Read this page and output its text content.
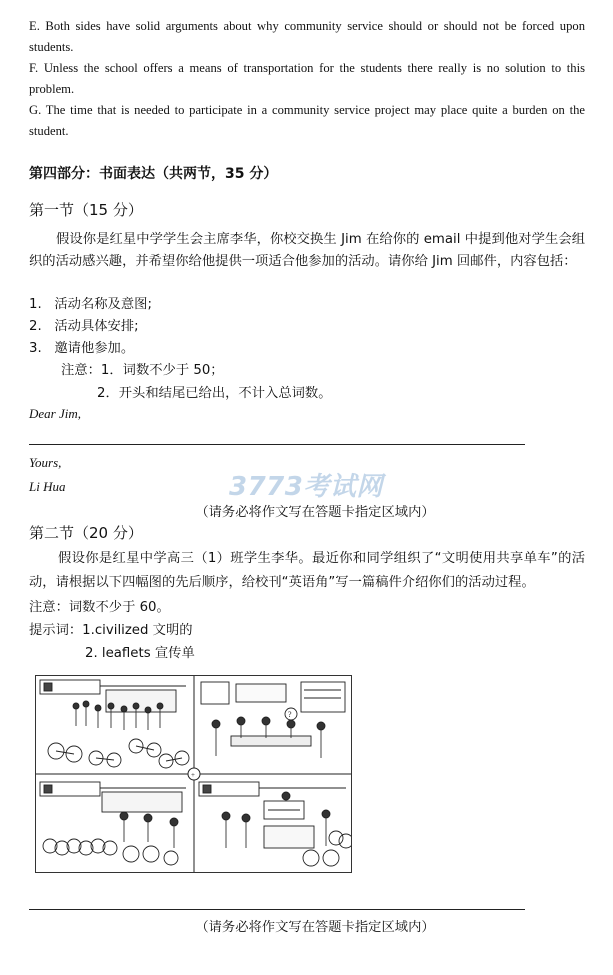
E. Both sides have solid arguments about why community service should or should not be forced upon students.
F. Unless the school offers a means of transportation for the students there really is no solution to this problem.
G. The time that is needed to participate in a community service project may place quite a burden on the student.
第四部分：书面表达（共两节，35 分）
第一节（15 分）
假设你是红星中学学生会主席李华，你校交换生 Jim 在给你的 email 中提到他对学生会组织的活动感兴趣，并希望你给他提供一项适合他参加的活动。请你给 Jim 回邮件，内容包括：
1.   活动名称及意图;
2.   活动具体安排;
3.   邀请他参加。
注意：1．词数不少于 50；
2．开头和结尾已给出，不计入总词数。
Dear Jim,
Yours,
Li Hua	3773考试网
（请务必将作文写在答题卡指定区域内）
第二节（20 分）
假设你是红星中学高三（1）班学生李华。最近你和同学组织了“文明使用共享单车”的活动，请根据以下四幅图的先后顺序，给校刊“英语角”写一篇稿件介绍你们的活动过程。
注意：词数不少于 60。
提示词：1.civilized 文明的
2. leaflets 宣传单
+
?
（请务必将作文写在答题卡指定区域内）
